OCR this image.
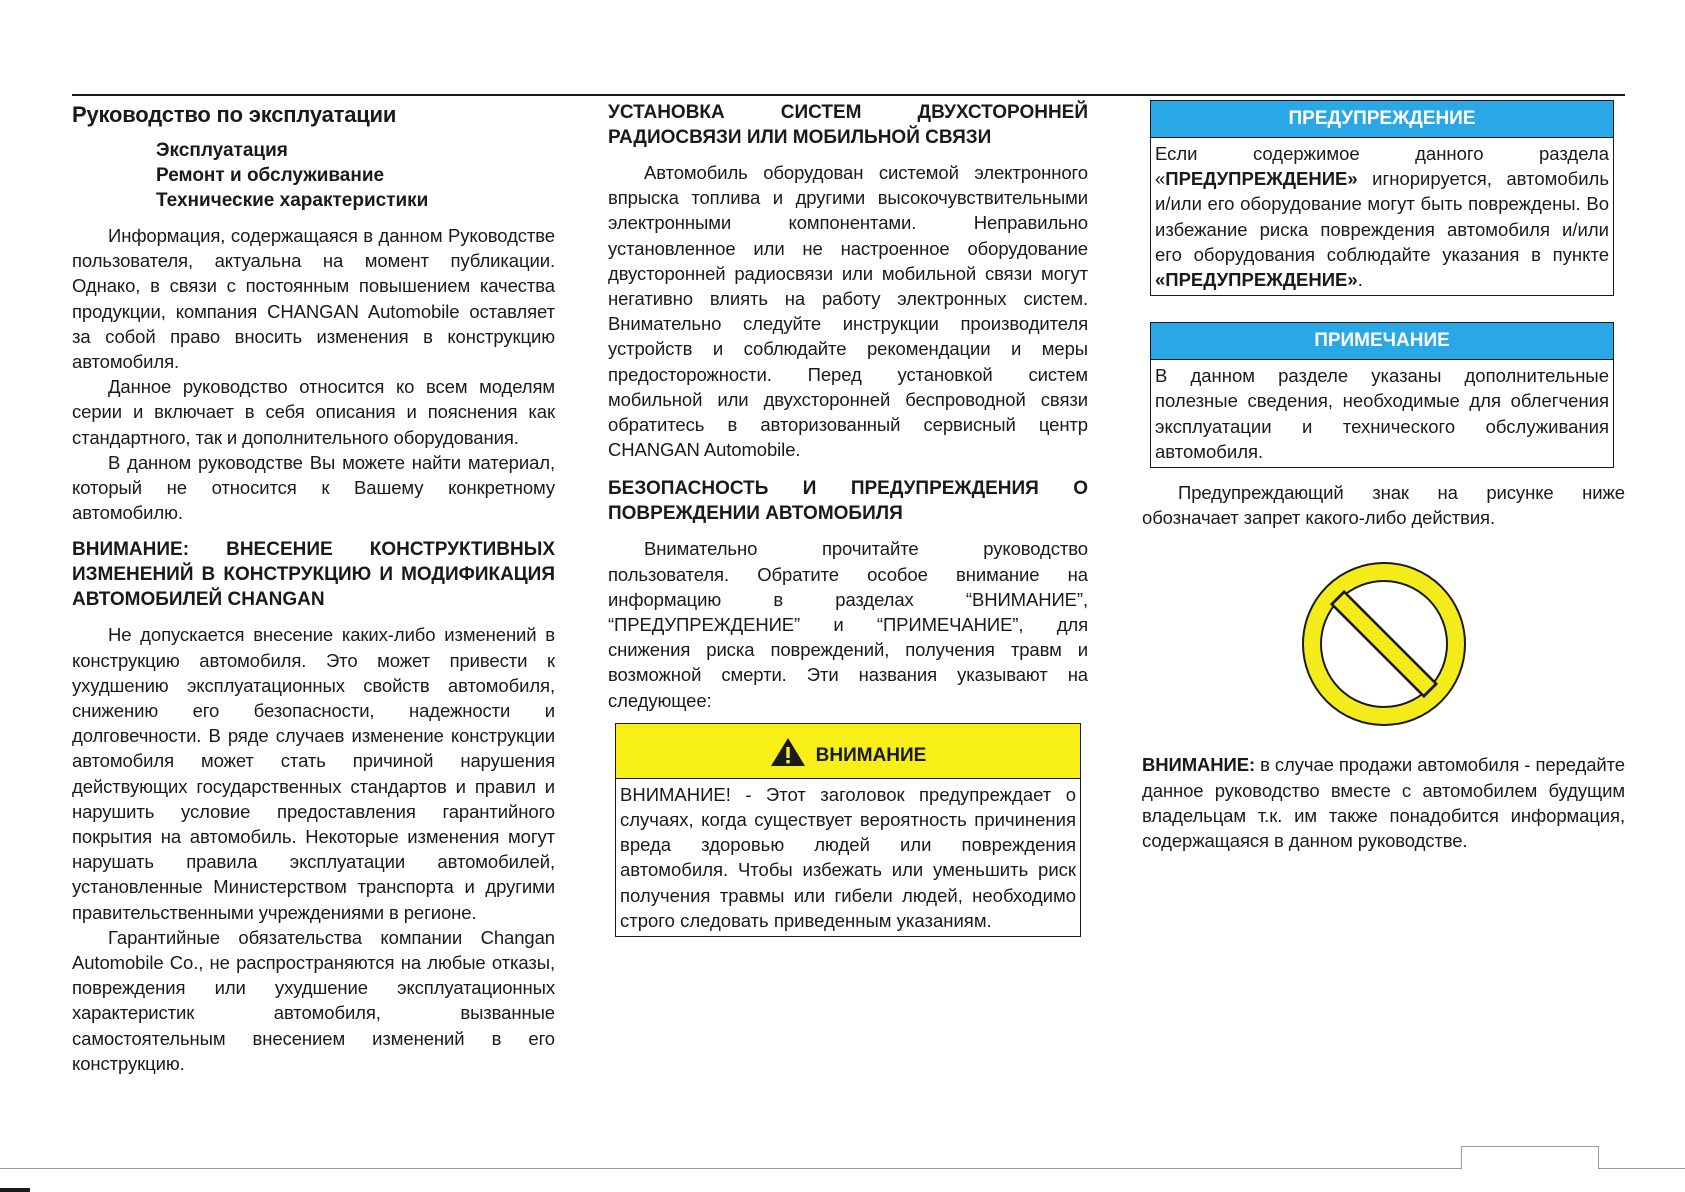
Руководство по эксплуатации
Эксплуатация
Ремонт и обслуживание
Технические характеристики

Информация, содержащаяся в данном Руководстве пользователя, актуальна на момент публикации. Однако, в связи с постоянным повышением качества продукции, компания CHANGAN Automobile оставляет за собой право вносить изменения в конструкцию автомобиля.

Данное руководство относится ко всем моделям серии и включает в себя описания и пояснения как стандартного, так и дополнительного оборудования.

В данном руководстве Вы можете найти материал, который не относится к Вашему конкретному автомобилю.

ВНИМАНИЕ: ВНЕСЕНИЕ КОНСТРУКТИВНЫХ ИЗМЕНЕНИЙ В КОНСТРУКЦИЮ И МОДИФИКАЦИЯ АВТОМОБИЛЕЙ CHANGAN

Не допускается внесение каких-либо изменений в конструкцию автомобиля. Это может привести к ухудшению эксплуатационных свойств автомобиля, снижению его безопасности, надежности и долговечности. В ряде случаев изменение конструкции автомобиля может стать причиной нарушения действующих государственных стандартов и правил и нарушить условие предоставления гарантийного покрытия на автомобиль. Некоторые изменения могут нарушать правила эксплуатации автомобилей, установленные Министерством транспорта и другими правительственными учреждениями в регионе.

Гарантийные обязательства компании Changan Automobile Co., не распространяются на любые отказы, повреждения или ухудшение эксплуатационных характеристик автомобиля, вызванные самостоятельным внесением изменений в его конструкцию.

УСТАНОВКА СИСТЕМ ДВУХСТОРОННЕЙ РАДИОСВЯЗИ ИЛИ МОБИЛЬНОЙ СВЯЗИ

Автомобиль оборудован системой электронного впрыска топлива и другими высокочувствительными электронными компонентами. Неправильно установленное или не настроенное оборудование двусторонней радиосвязи или мобильной связи могут негативно влиять на работу электронных систем. Внимательно следуйте инструкции производителя устройств и соблюдайте рекомендации и меры предосторожности. Перед установкой систем мобильной или двухсторонней беспроводной связи обратитесь в авторизованный сервисный центр CHANGAN Automobile.

БЕЗОПАСНОСТЬ И ПРЕДУПРЕЖДЕНИЯ О ПОВРЕЖДЕНИИ АВТОМОБИЛЯ

Внимательно прочитайте руководство пользователя. Обратите особое внимание на информацию в разделах “ВНИМАНИЕ”, “ПРЕДУПРЕЖДЕНИЕ” и “ПРИМЕЧАНИЕ”, для снижения риска повреждений, получения травм и возможной смерти. Эти названия указывают на следующее:

ВНИМАНИЕ
ВНИМАНИЕ! - Этот заголовок предупреждает о случаях, когда существует вероятность причинения вреда здоровью людей или повреждения автомобиля. Чтобы избежать или уменьшить риск получения травмы или гибели людей, необходимо строго следовать приведенным указаниям.
ПРЕДУПРЕЖДЕНИЕ
Если содержимое данного раздела «ПРЕДУПРЕЖДЕНИЕ» игнорируется, автомобиль и/или его оборудование могут быть повреждены. Во избежание риска повреждения автомобиля и/или его оборудования соблюдайте указания в пункте «ПРЕДУПРЕЖДЕНИЕ».
ПРИМЕЧАНИЕ
В данном разделе указаны дополнительные полезные сведения, необходимые для облегчения эксплуатации и технического обслуживания автомобиля.

Предупреждающий знак на рисунке ниже обозначает запрет какого-либо действия.

ВНИМАНИЕ: в случае продажи автомобиля - передайте данное руководство вместе с автомобилем будущим владельцам т.к. им также понадобится информация, содержащаяся в данном руководстве.
